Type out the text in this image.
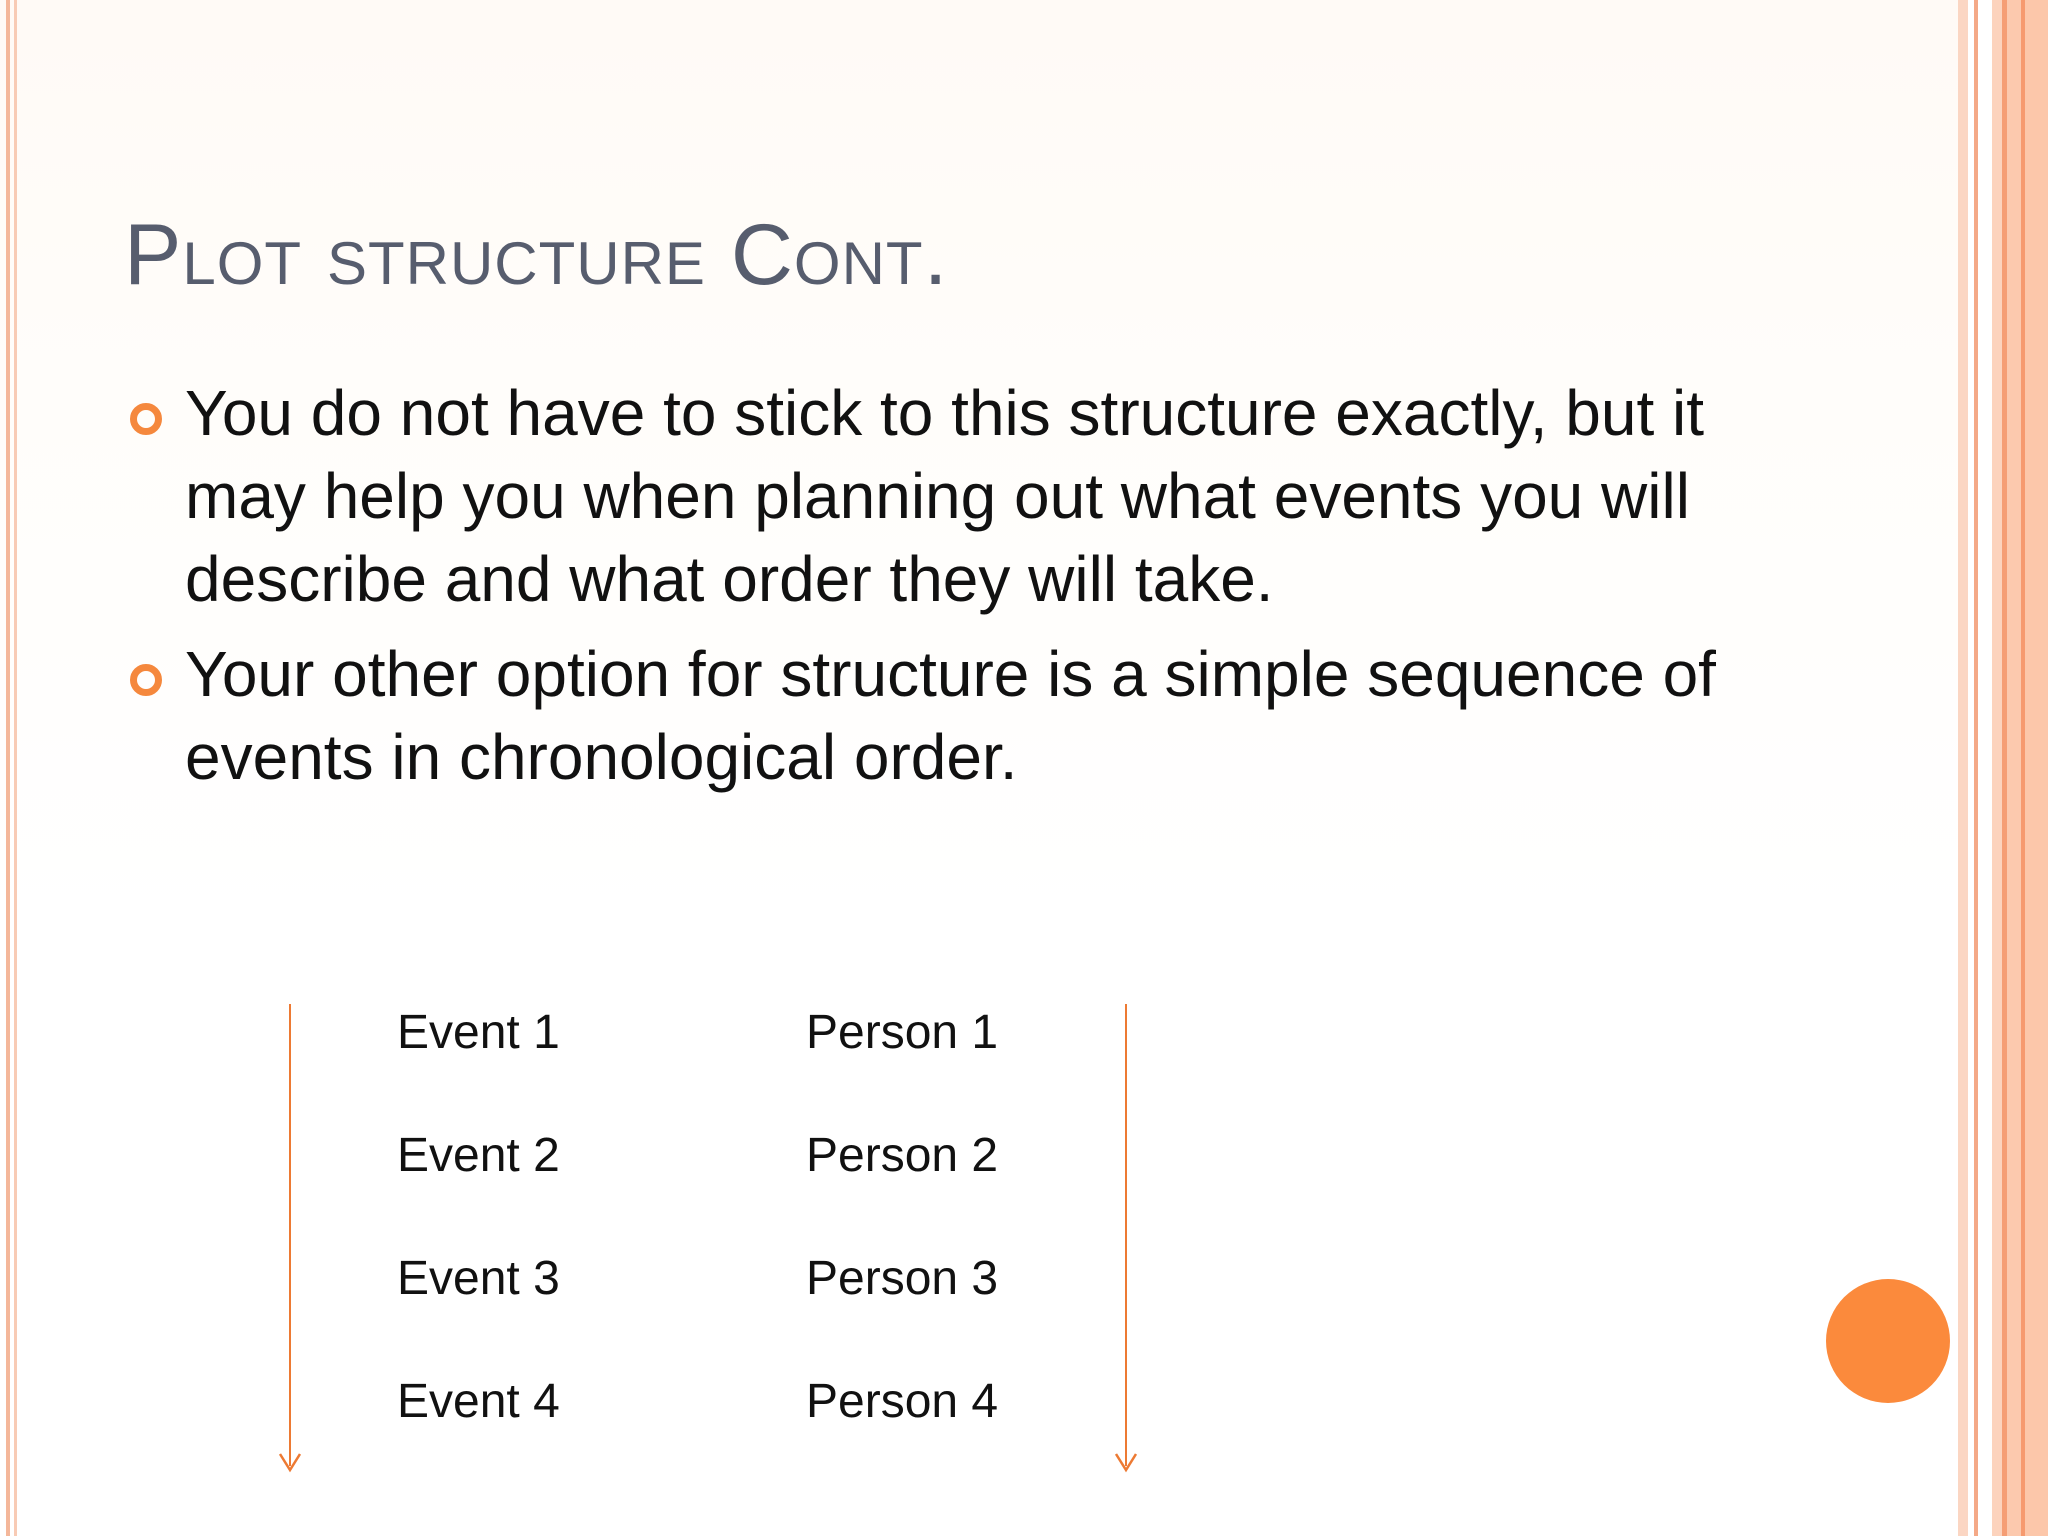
Plot structure Cont.
You do not have to stick to this structure exactly, but it may help you when planning out what events you will describe and what order they will take.
Your other option for structure is a simple sequence of events in chronological order.
Event 1
Event 2
Event 3
Event 4
Person 1
Person 2
Person 3
Person 4
